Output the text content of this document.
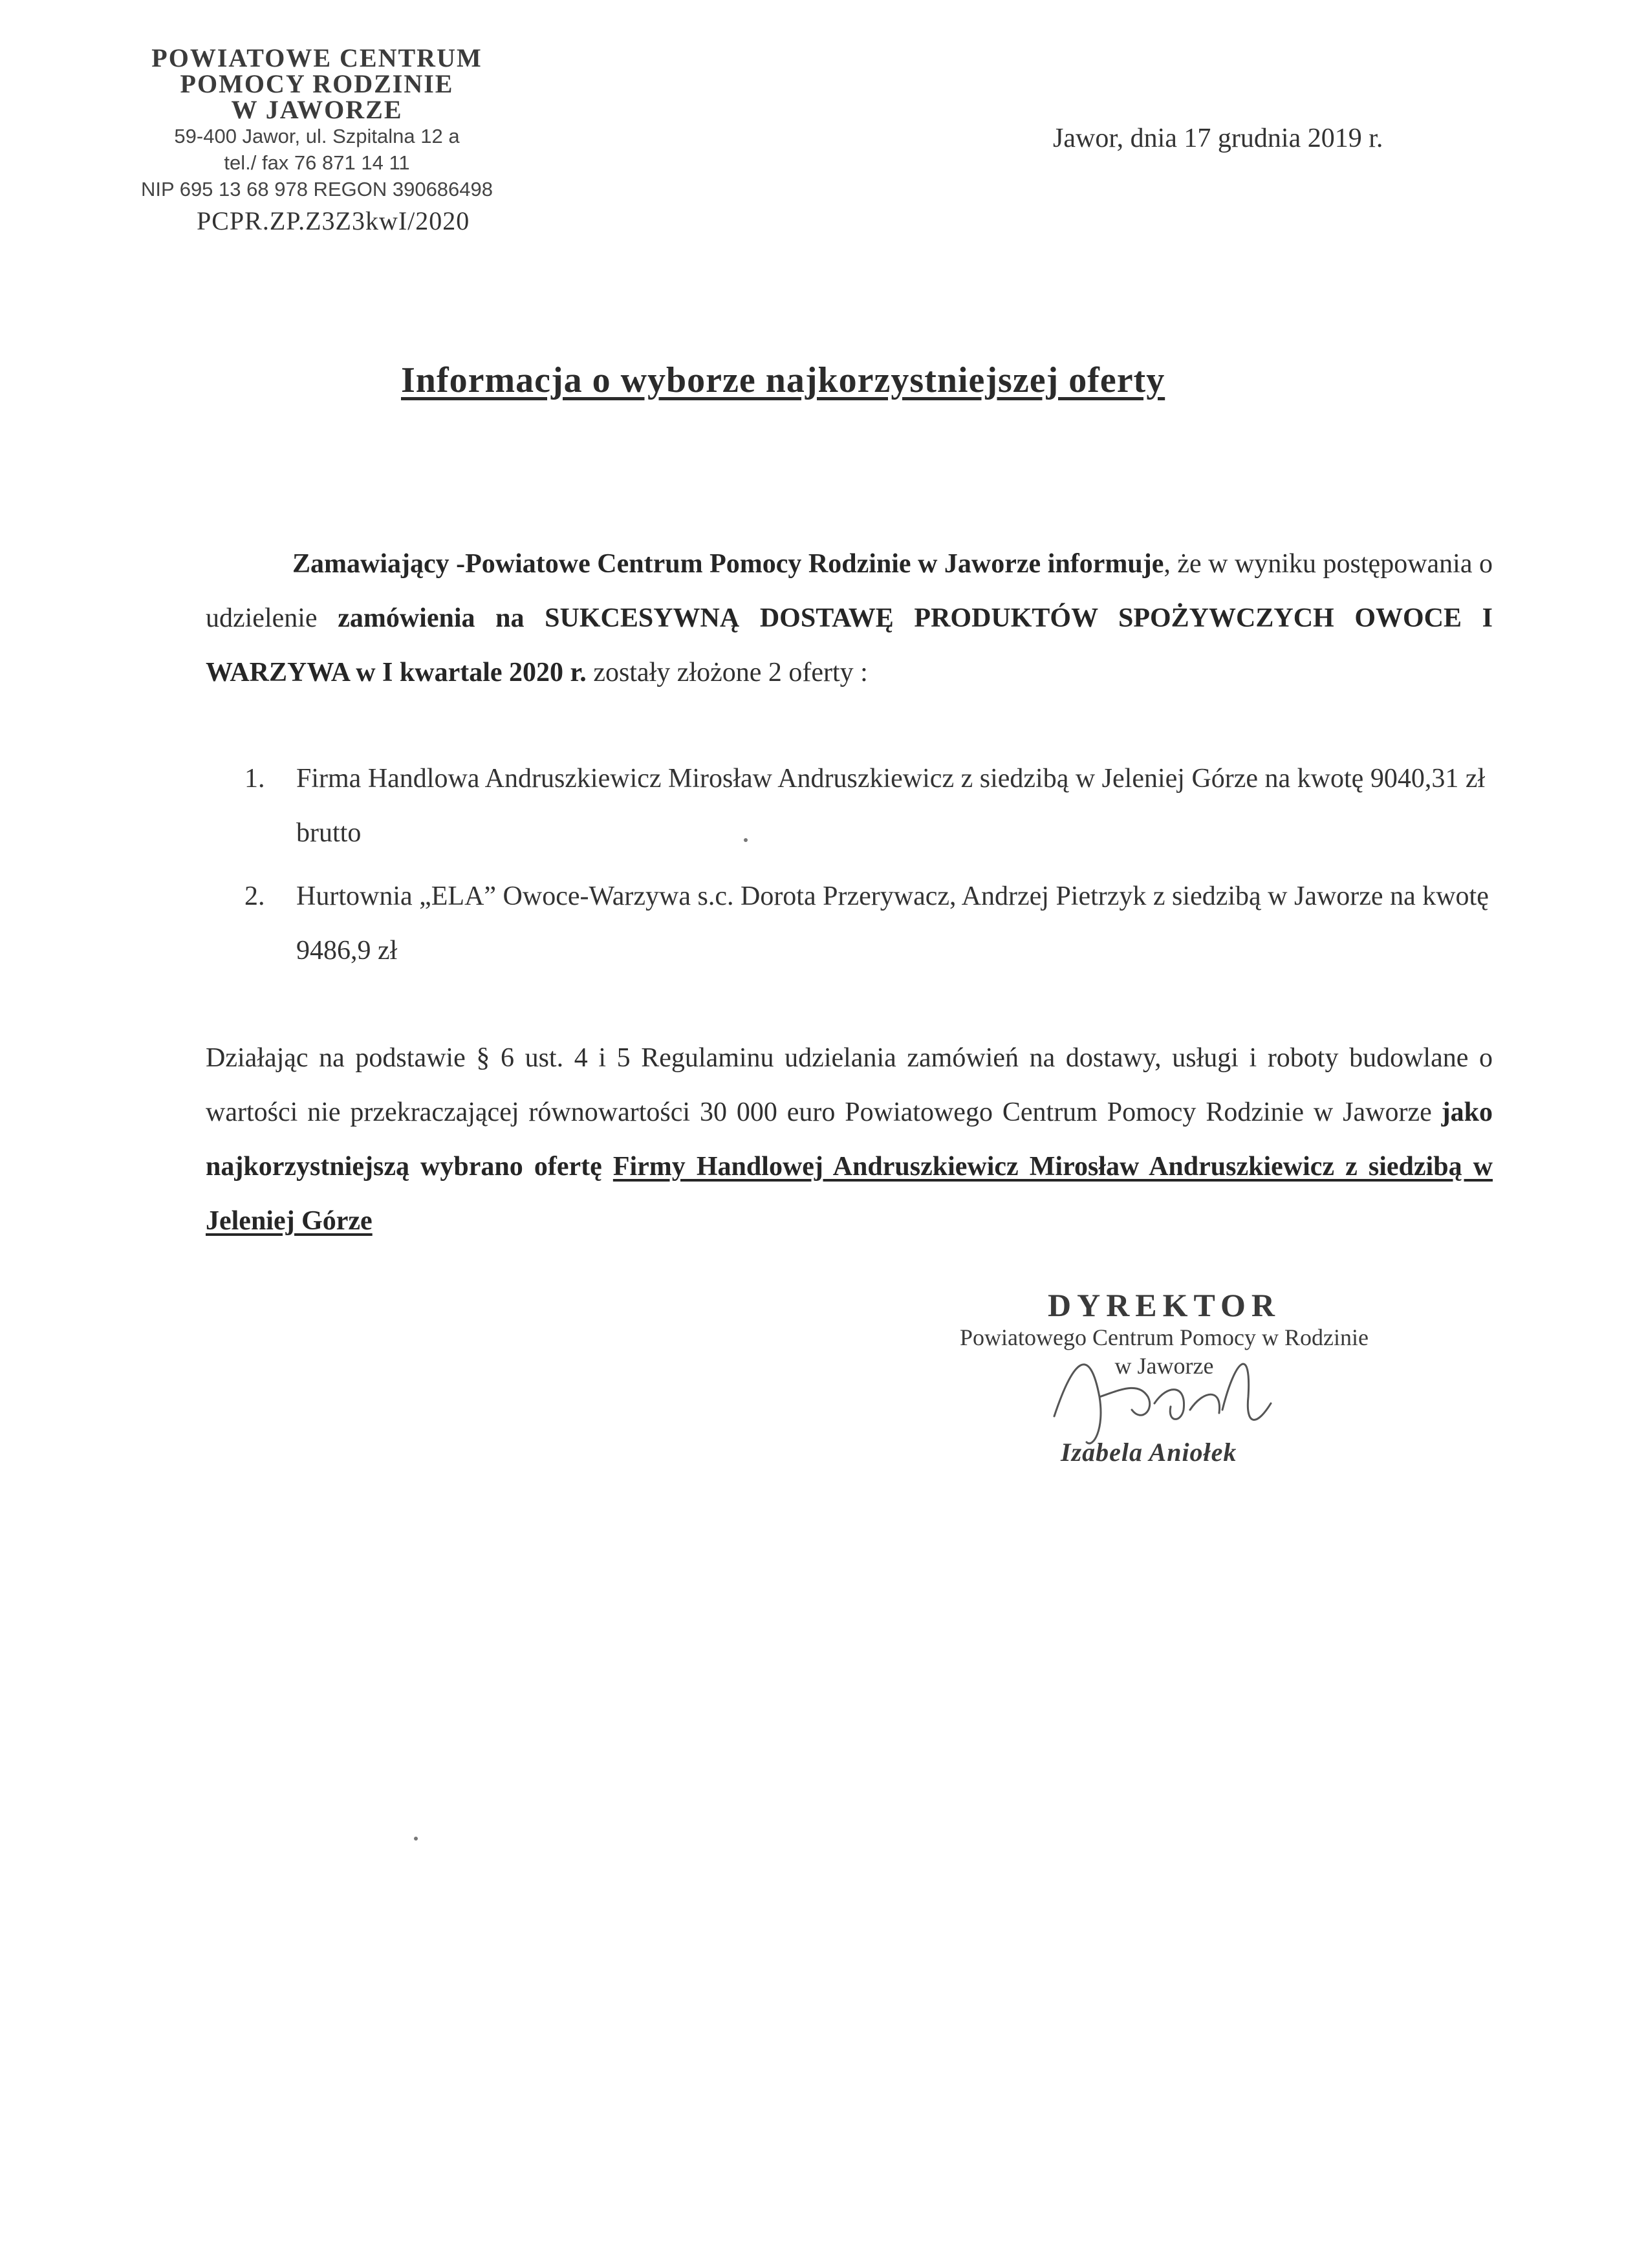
POWIATOWE CENTRUM
POMOCY RODZINIE
W JAWORZE
59-400 Jawor, ul. Szpitalna 12 a
tel./ fax 76 871 14 11
NIP 695 13 68 978 REGON 390686498
PCPR.ZP.Z3Z3kwI/2020
Jawor, dnia 17 grudnia 2019 r.
Informacja o wyborze najkorzystniejszej oferty
Zamawiający -Powiatowe Centrum Pomocy Rodzinie w Jaworze informuje, że w wyniku postępowania o udzielenie zamówienia na SUKCESYWNĄ DOSTAWĘ PRODUKTÓW SPOŻYWCZYCH OWOCE I WARZYWA w I kwartale 2020 r. zostały złożone 2 oferty :
1. Firma Handlowa Andruszkiewicz Mirosław Andruszkiewicz z siedzibą w Jeleniej Górze na kwotę 9040,31 zł brutto
2. Hurtownia „ELA” Owoce-Warzywa s.c. Dorota Przerywacz, Andrzej Pietrzyk z siedzibą w Jaworze na kwotę 9486,9 zł
Działając na podstawie § 6 ust. 4 i 5 Regulaminu udzielania zamówień na dostawy, usługi i roboty budowlane o wartości nie przekraczającej równowartości 30 000 euro Powiatowego Centrum Pomocy Rodzinie w Jaworze jako najkorzystniejszą wybrano ofertę Firmy Handlowej Andruszkiewicz Mirosław Andruszkiewicz z siedzibą w Jeleniej Górze
DYREKTOR
Powiatowego Centrum Pomocy w Rodzinie
w Jaworze
Izabela Aniołek
